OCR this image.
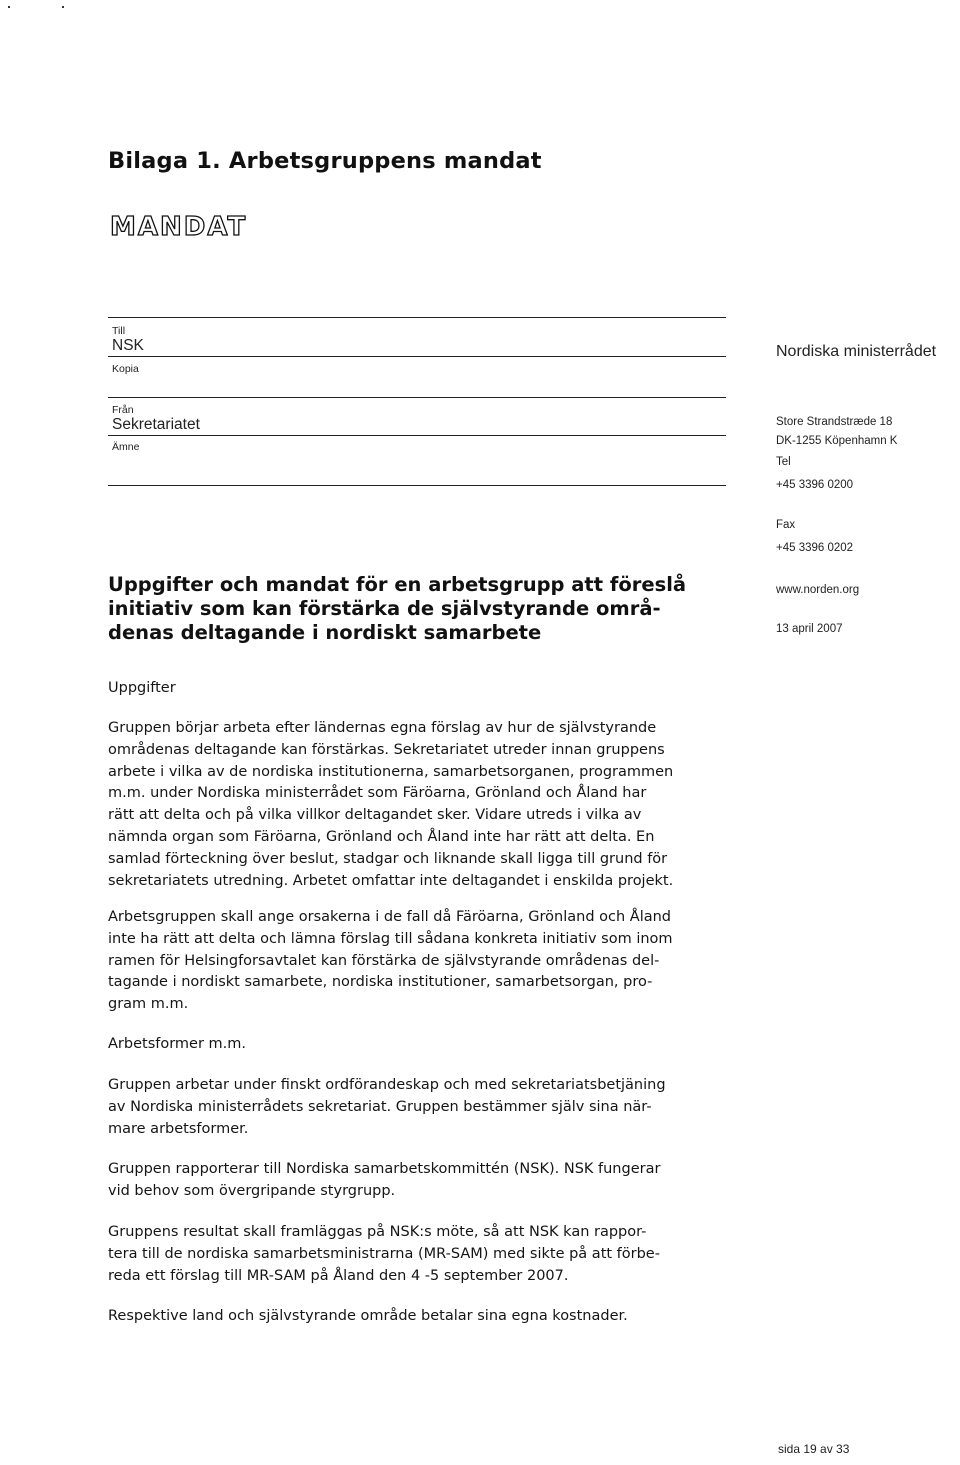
Bilaga 1. Arbetsgruppens mandat
MANDAT
Till
NSK
Kopia
Från
Sekretariatet
Ämne
Nordiska ministerrådet
Store Strandstræde 18
DK-1255 Köpenhamn K
Tel
+45 3396 0200
Fax
+45 3396 0202
www.norden.org
13 april 2007
Uppgifter och mandat för en arbetsgrupp att föreslå
initiativ som kan förstärka de självstyrande områ-
denas deltagande i nordiskt samarbete
Uppgifter
Gruppen börjar arbeta efter ländernas egna förslag av hur de självstyrande
områdenas deltagande kan förstärkas. Sekretariatet utreder innan gruppens
arbete i vilka av de nordiska institutionerna, samarbetsorganen, programmen
m.m. under Nordiska ministerrådet som Färöarna, Grönland och Åland har
rätt att delta och på vilka villkor deltagandet sker. Vidare utreds i vilka av
nämnda organ som Färöarna, Grönland och Åland inte har rätt att delta. En
samlad förteckning över beslut, stadgar och liknande skall ligga till grund för
sekretariatets utredning. Arbetet omfattar inte deltagandet i enskilda projekt.
Arbetsgruppen skall ange orsakerna i de fall då Färöarna, Grönland och Åland
inte ha rätt att delta och lämna förslag till sådana konkreta initiativ som inom
ramen för Helsingforsavtalet kan förstärka de självstyrande områdenas del-
tagande i nordiskt samarbete, nordiska institutioner, samarbetsorgan, pro-
gram m.m.
Arbetsformer m.m.
Gruppen arbetar under finskt ordförandeskap och med sekretariatsbetjäning
av Nordiska ministerrådets sekretariat. Gruppen bestämmer själv sina när-
mare arbetsformer.
Gruppen rapporterar till Nordiska samarbetskommittén (NSK). NSK fungerar
vid behov som övergripande styrgrupp.
Gruppens resultat skall framläggas på NSK:s möte, så att NSK kan rappor-
tera till de nordiska samarbetsministrarna (MR-SAM) med sikte på att förbe-
reda ett förslag till MR-SAM på Åland den 4 -5 september 2007.
Respektive land och självstyrande område betalar sina egna kostnader.
sida 19 av 33
